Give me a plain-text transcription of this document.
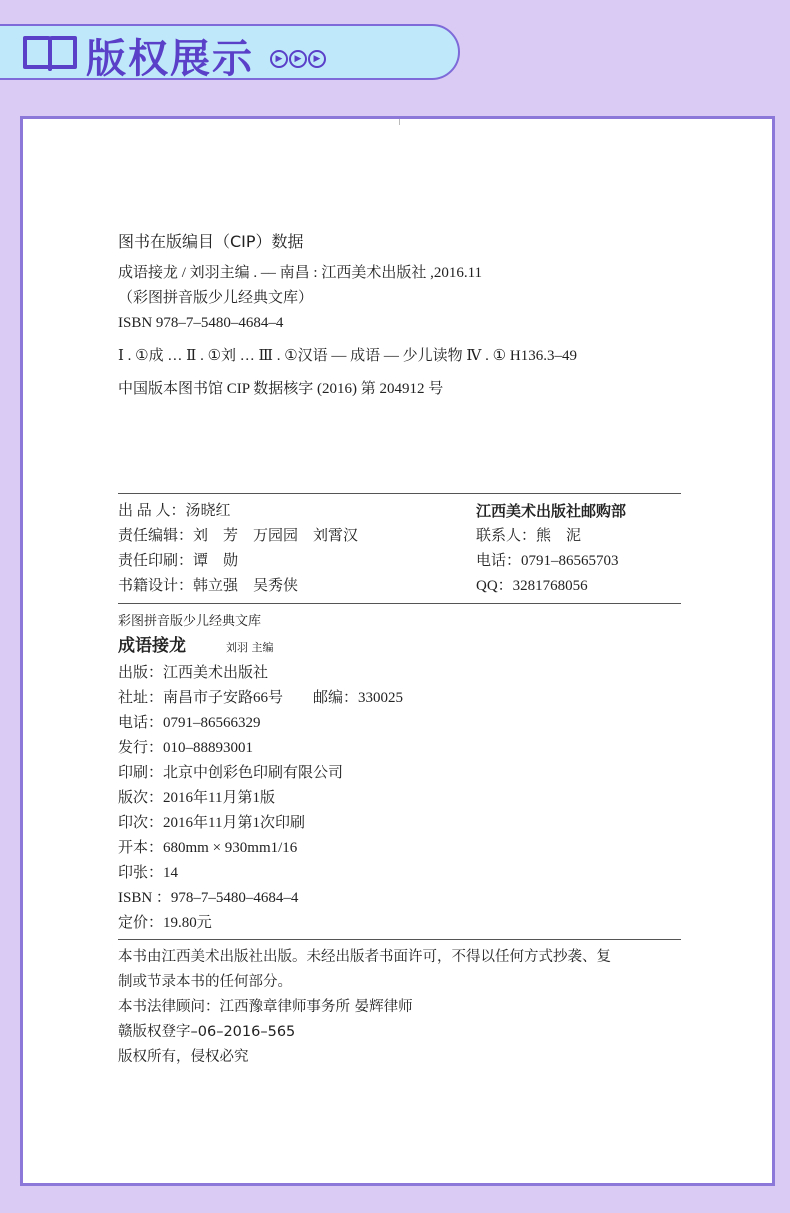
版权展示	▶	▶	▶
图书在版编目（CIP）数据
成语接龙 / 刘羽主编 . –– 南昌 : 江西美术出版社 ,2016.11
（彩图拼音版少儿经典文库）
ISBN 978–7–5480–4684–4
Ⅰ . ①成 … Ⅱ . ①刘 … Ⅲ . ①汉语 — 成语 — 少儿读物 Ⅳ . ① H136.3–49
中国版本图书馆 CIP 数据核字 (2016) 第 204912 号
出 品 人：汤晓红	江西美术出版社邮购部
责任编辑：刘　芳　万园园　刘霄汉	联系人：熊　泥
责任印刷：谭　勋	电话：0791–86565703
书籍设计：韩立强　吴秀侠	QQ：3281768056
彩图拼音版少儿经典文库
成语接龙	刘羽 主编
出版：江西美术出版社
社址：南昌市子安路66号　　邮编：330025
电话：0791–86566329
发行：010–88893001
印刷：北京中创彩色印刷有限公司
版次：2016年11月第1版
印次：2016年11月第1次印刷
开本：680mm × 930mm1/16
印张：14
ISBN ：978–7–5480–4684–4
定价：19.80元
本书由江西美术出版社出版。未经出版者书面许可，不得以任何方式抄袭、复
制或节录本书的任何部分。
本书法律顾问：江西豫章律师事务所 晏辉律师
赣版权登字–06–2016–565
版权所有，侵权必究
